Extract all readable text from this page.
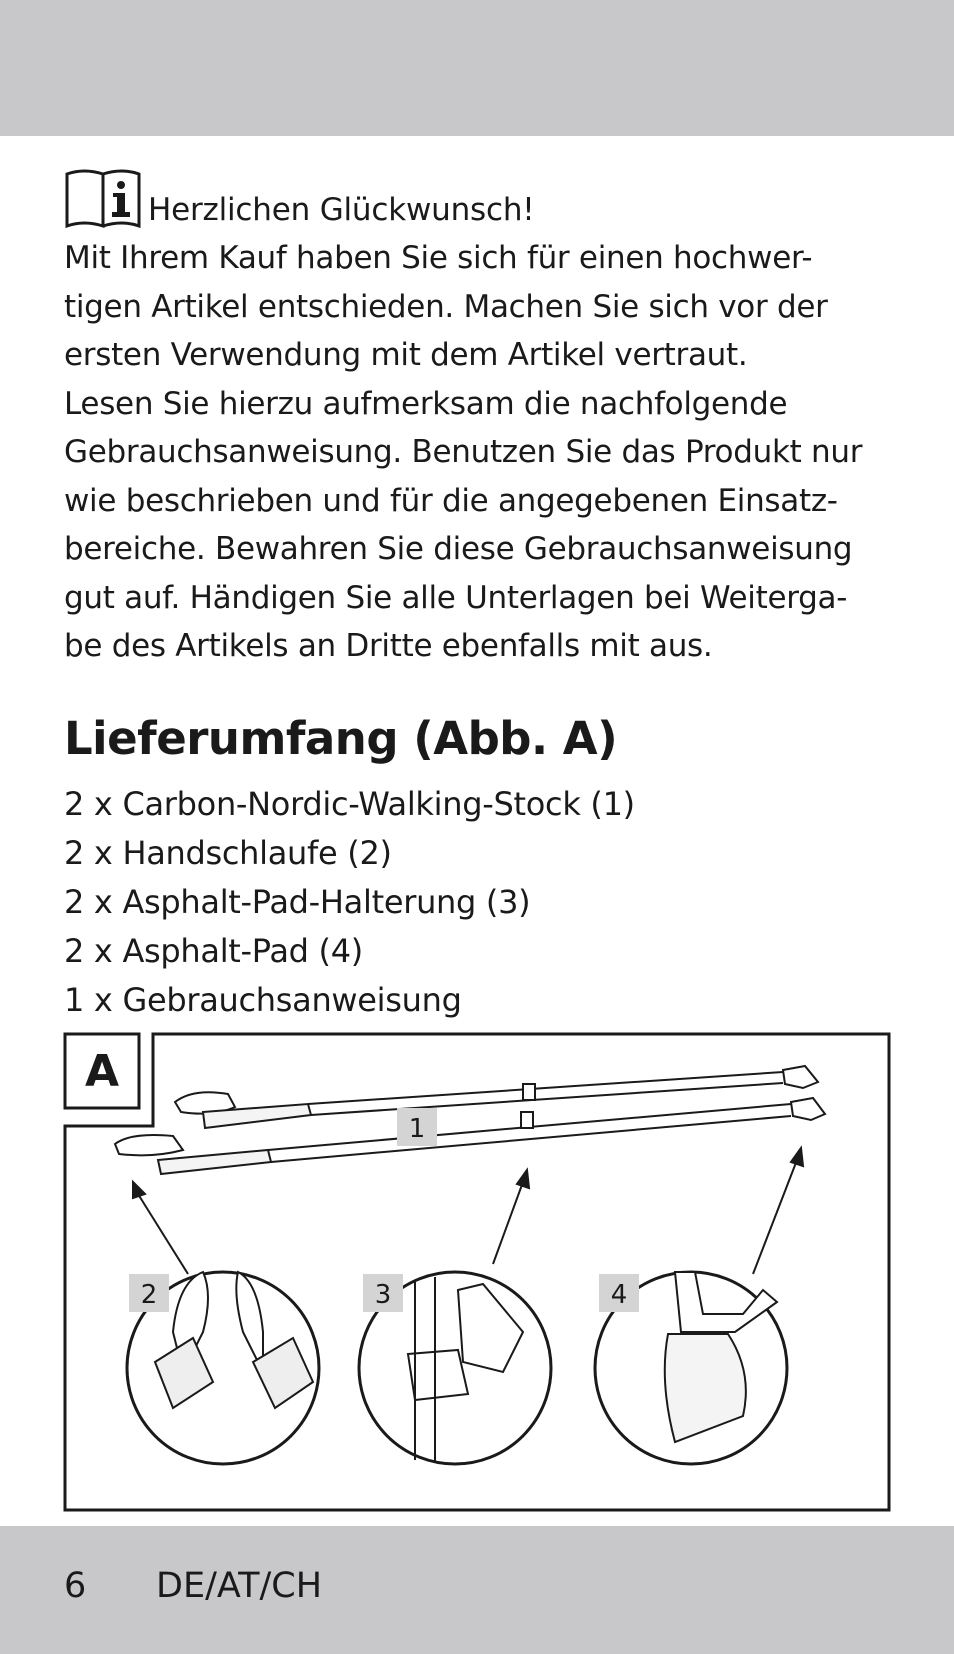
Herzlichen Glückwunsch!

Mit Ihrem Kauf haben Sie sich für einen hochwer-
tigen Artikel entschieden. Machen Sie sich vor der
ersten Verwendung mit dem Artikel vertraut.

Lesen Sie hierzu aufmerksam die nachfolgende
Gebrauchsanweisung. Benutzen Sie das Produkt nur
wie beschrieben und für die angegebenen Einsatz-
bereiche. Bewahren Sie diese Gebrauchsanweisung
gut auf. Händigen Sie alle Unterlagen bei Weiterga-
be des Artikels an Dritte ebenfalls mit aus.

Lieferumfang (Abb. A)
2 x Carbon-Nordic-Walking-Stock (1)
2 x Handschlaufe (2)
2 x Asphalt-Pad-Halterung (3)
2 x Asphalt-Pad (4)
1 x Gebrauchsanweisung
A
1
2	3	4
6	DE/AT/CH
